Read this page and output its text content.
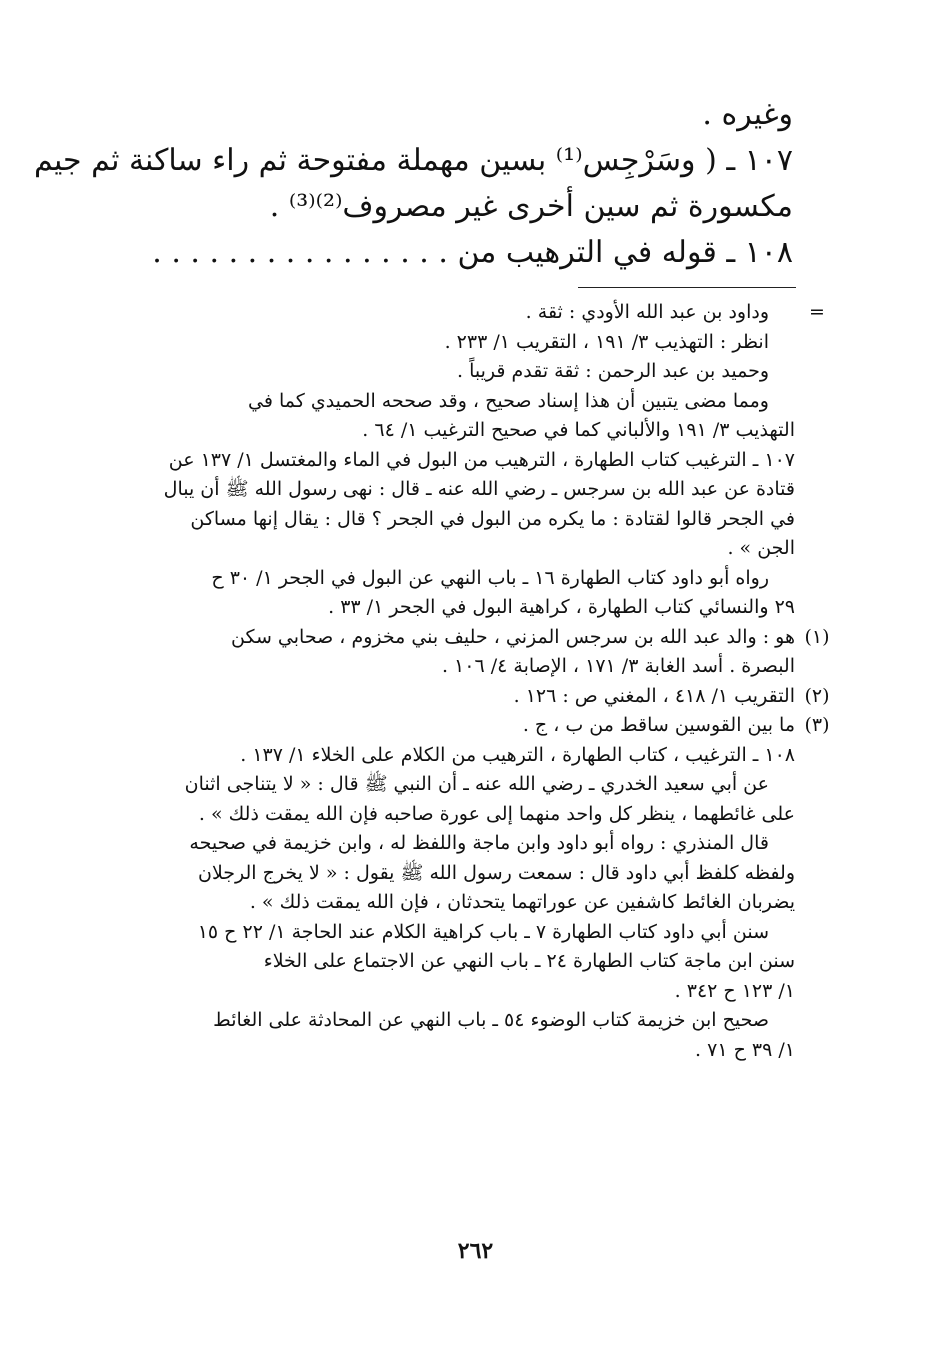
وغيره .
١٠٧ ـ ( وسَرْجِس⁽¹⁾ بسين مهملة مفتوحة ثم راء ساكنة ثم جيم
مكسورة ثم سين أخرى غير مصروف⁽²⁾⁽³⁾ .
١٠٨ ـ قوله في الترهيب من . . . . . . . . . . . . . . . .
=
وداود بن عبد الله الأودي : ثقة .
انظر : التهذيب ٣/ ١٩١ ، التقريب ١/ ٢٣٣ .
وحميد بن عبد الرحمن : ثقة تقدم قريباً .
ومما مضى يتبين أن هذا إسناد صحيح ، وقد صححه الحميدي كما في
التهذيب ٣/ ١٩١ والألباني كما في صحيح الترغيب ١/ ٦٤ .
١٠٧ ـ الترغيب كتاب الطهارة ، الترهيب من البول في الماء والمغتسل ١/ ١٣٧ عن
قتادة عن عبد الله بن سرجس ـ رضي الله عنه ـ قال : نهى رسول الله ﷺ أن يبال
في الجحر قالوا لقتادة : ما يكره من البول في الجحر ؟ قال : يقال إنها مساكن
الجن » .
رواه أبو داود كتاب الطهارة ١٦ ـ باب النهي عن البول في الجحر ١/ ٣٠ ح
٢٩ والنسائي كتاب الطهارة ، كراهية البول في الجحر ١/ ٣٣ .
(١)
هو : والد عبد الله بن سرجس المزني ، حليف بني مخزوم ، صحابي سكن
البصرة . أسد الغابة ٣/ ١٧١ ، الإصابة ٤/ ١٠٦ .
(٢)
التقريب ١/ ٤١٨ ، المغني ص : ١٢٦ .
(٣)
ما بين القوسين ساقط من ب ، ج .
١٠٨ ـ الترغيب ، كتاب الطهارة ، الترهيب من الكلام على الخلاء ١/ ١٣٧ .
عن أبي سعيد الخدري ـ رضي الله عنه ـ أن النبي ﷺ قال : « لا يتناجى اثنان
على غائطهما ، ينظر كل واحد منهما إلى عورة صاحبه فإن الله يمقت ذلك » .
قال المنذري : رواه أبو داود وابن ماجة واللفظ له ، وابن خزيمة في صحيحه
ولفظه كلفظ أبي داود قال : سمعت رسول الله ﷺ يقول : « لا يخرج الرجلان
يضربان الغائط كاشفين عن عوراتهما يتحدثان ، فإن الله يمقت ذلك » .
سنن أبي داود كتاب الطهارة ٧ ـ باب كراهية الكلام عند الحاجة ١/ ٢٢ ح ١٥
سنن ابن ماجة كتاب الطهارة ٢٤ ـ باب النهي عن الاجتماع على الخلاء
١/ ١٢٣ ح ٣٤٢ .
صحيح ابن خزيمة كتاب الوضوء ٥٤ ـ باب النهي عن المحادثة على الغائط
١/ ٣٩ ح ٧١ .
٢٦٢
